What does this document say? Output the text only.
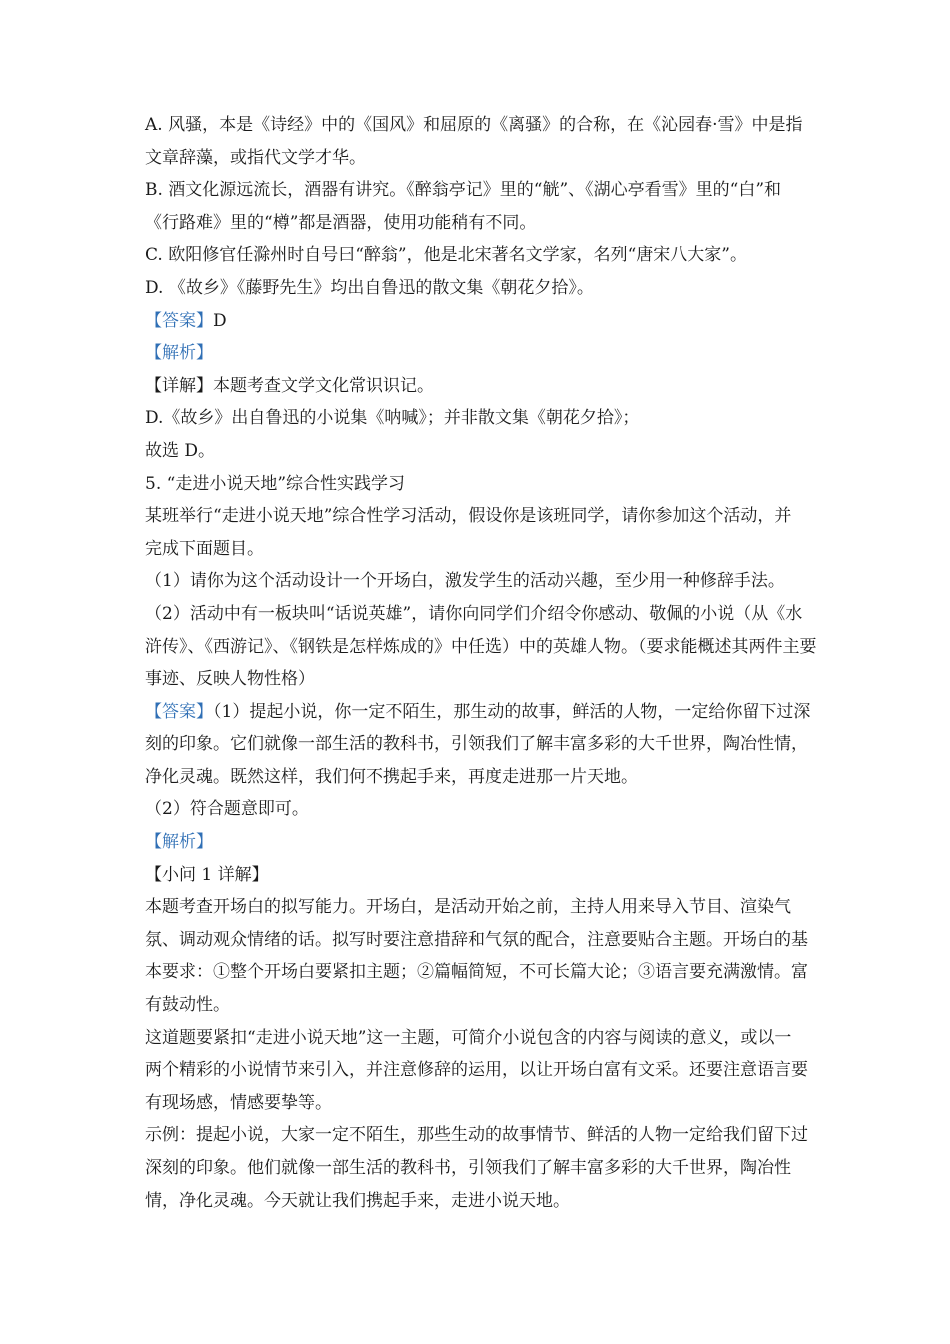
A. 风骚，本是《诗经》中的《国风》和屈原的《离骚》的合称，在《沁园春·雪》中是指
文章辞藻，或指代文学才华。
B. 酒文化源远流长，酒器有讲究。《醉翁亭记》里的“觥”、《湖心亭看雪》里的“白”和
《行路难》里的“樽”都是酒器，使用功能稍有不同。
C. 欧阳修官任滁州时自号曰“醉翁”，他是北宋著名文学家，名列“唐宋八大家”。
D. 《故乡》《藤野先生》均出自鲁迅的散文集《朝花夕拾》。
【答案】D
【解析】
【详解】本题考查文学文化常识识记。
D.《故乡》出自鲁迅的小说集《呐喊》；并非散文集《朝花夕拾》；
故选 D。
5. “走进小说天地”综合性实践学习
某班举行“走进小说天地”综合性学习活动，假设你是该班同学，请你参加这个活动，并
完成下面题目。
（1）请你为这个活动设计一个开场白，激发学生的活动兴趣，至少用一种修辞手法。
（2）活动中有一板块叫“话说英雄”，请你向同学们介绍令你感动、敬佩的小说（从《水
浒传》、《西游记》、《钢铁是怎样炼成的》中任选）中的英雄人物。（要求能概述其两件主要
事迹、反映人物性格）
【答案】（1）提起小说，你一定不陌生，那生动的故事，鲜活的人物，一定给你留下过深
刻的印象。它们就像一部生活的教科书，引领我们了解丰富多彩的大千世界，陶冶性情，
净化灵魂。既然这样，我们何不携起手来，再度走进那一片天地。
（2）符合题意即可。
【解析】
【小问 1 详解】
本题考查开场白的拟写能力。开场白，是活动开始之前，主持人用来导入节目、渲染气
氛、调动观众情绪的话。拟写时要注意措辞和气氛的配合，注意要贴合主题。开场白的基
本要求：①整个开场白要紧扣主题；②篇幅简短，不可长篇大论；③语言要充满激情。富
有鼓动性。
这道题要紧扣“走进小说天地”这一主题，可简介小说包含的内容与阅读的意义，或以一
两个精彩的小说情节来引入，并注意修辞的运用，以让开场白富有文采。还要注意语言要
有现场感，情感要挚等。
示例：提起小说，大家一定不陌生，那些生动的故事情节、鲜活的人物一定给我们留下过
深刻的印象。他们就像一部生活的教科书，引领我们了解丰富多彩的大千世界，陶冶性
情，净化灵魂。今天就让我们携起手来，走进小说天地。
